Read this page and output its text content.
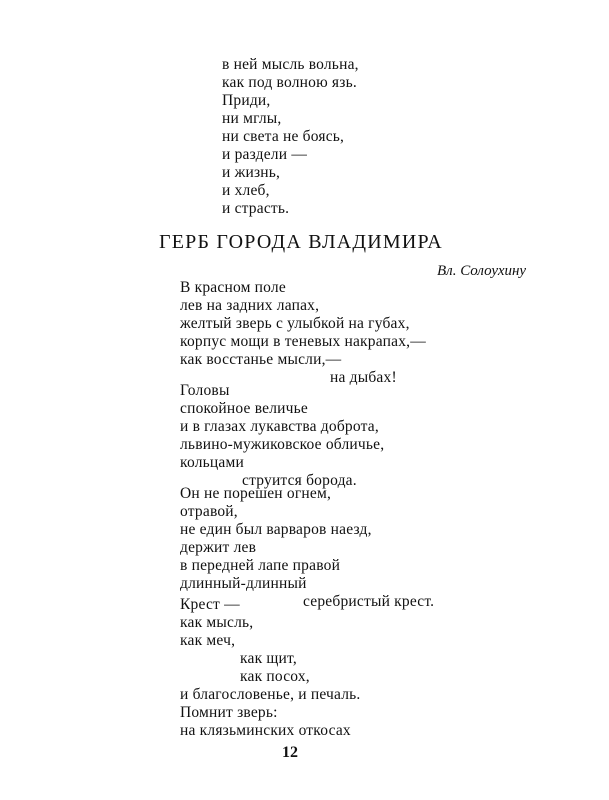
в ней мысль вольна,
как под волною язь.
Приди,
ни мглы,
ни света не боясь,
и раздели —
и жизнь,
и хлеб,
и страсть.
ГЕРБ ГОРОДА ВЛАДИМИРА
Вл. Солоухину
В красном поле
лев на задних лапах,
желтый зверь с улыбкой на губах,
корпус мощи в теневых накрапах,—
как восстанье мысли,—
на дыбах!
Головы
спокойное величье
и в глазах лукавства доброта,
львино-мужиковское обличье,
кольцами
струится борода.
Он не порешен огнем,
отравой,
не един был варваров наезд,
держит лев
в передней лапе правой
длинный-длинный
серебристый крест.
Крест —
как мысль,
как меч,
как щит,
как посох,
и благословенье, и печаль.
Помнит зверь:
на клязьминских откосах
12
